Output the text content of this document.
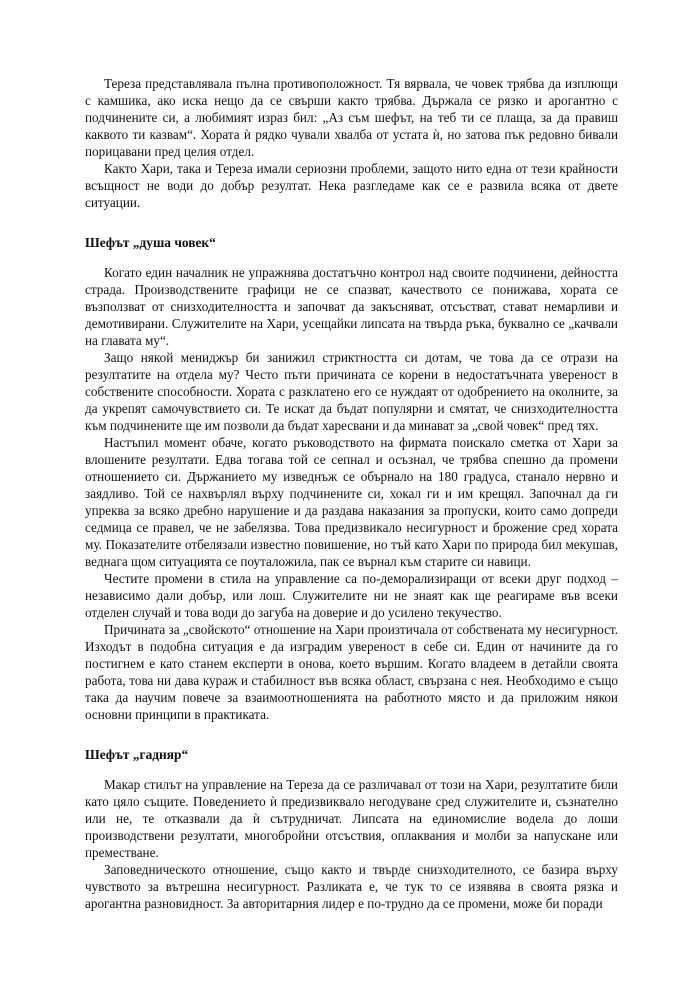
Тереза представлявала пълна противоположност. Тя вярвала, че човек трябва да изплющи с камшика, ако иска нещо да се свърши както трябва. Държала се рязко и арогантно с подчинените си, а любимият израз бил: „Аз съм шефът, на теб ти се плаща, за да правиш каквото ти казвам“. Хората ѝ рядко чували хвалба от устата ѝ, но затова пък редовно бивали порицавани пред целия отдел.

Както Хари, така и Тереза имали сериозни проблеми, защото нито една от тези крайности всъщност не води до добър резултат. Нека разгледаме как се е развила всяка от двете ситуации.

Шефът „душа човек“

Когато един началник не упражнява достатъчно контрол над своите подчинени, дейността страда. Производствените графици не се спазват, качеството се понижава, хората се възползват от снизходителността и започват да закъсняват, отсъстват, стават немарливи и демотивирани. Служителите на Хари, усещайки липсата на твърда ръка, буквално се „качвали на главата му“.

Защо някой мениджър би занижил стриктността си дотам, че това да се отрази на резултатите на отдела му? Често пъти причината се корени в недостатъчната увереност в собствените способности. Хората с разклатено его се нуждаят от одобрението на околните, за да укрепят самочувствието си. Те искат да бъдат популярни и смятат, че снизходителността към подчинените ще им позволи да бъдат харесвани и да минават за „свой човек“ пред тях.

Настъпил момент обаче, когато ръководството на фирмата поискало сметка от Хари за влошените резултати. Едва тогава той се сепнал и осъзнал, че трябва спешно да промени отношението си. Държанието му изведнъж се обърнало на 180 градуса, станало нервно и заядливо. Той се нахвърлял върху подчинените си, хокал ги и им крещял. Започнал да ги упреква за всяко дребно нарушение и да раздава наказания за пропуски, които само допреди седмица се правел, че не забелязва. Това предизвикало несигурност и брожение сред хората му. Показателите отбелязали известно повишение, но тъй като Хари по природа бил мекушав, веднага щом ситуацията се поуталожила, пак се върнал към старите си навици.

Честите промени в стила на управление са по-деморализиращи от всеки друг подход – независимо дали добър, или лош. Служителите ни не знаят как ще реагираме във всеки отделен случай и това води до загуба на доверие и до усилено текучество.

Причината за „свойското“ отношение на Хари произтичала от собствената му несигурност. Изходът в подобна ситуация е да изградим увереност в себе си. Един от начините да го постигнем е като станем експерти в онова, което вършим. Когато владеем в детайли своята работа, това ни дава кураж и стабилност във всяка област, свързана с нея. Необходимо е също така да научим повече за взаимоотношенията на работното място и да приложим някои основни принципи в практиката.

Шефът „гадняр“

Макар стилът на управление на Тереза да се различавал от този на Хари, резултатите били като цяло същите. Поведението ѝ предизвиквало негодуване сред служителите и, съзнателно или не, те отказвали да ѝ сътрудничат. Липсата на единомислие водела до лоши производствени резултати, многобройни отсъствия, оплаквания и молби за напускане или преместване.

Заповедническото отношение, също както и твърде снизходителното, се базира върху чувството за вътрешна несигурност. Разликата е, че тук то се изявява в своята рязка и арогантна разновидност. За авторитарния лидер е по-трудно да се промени, може би поради
